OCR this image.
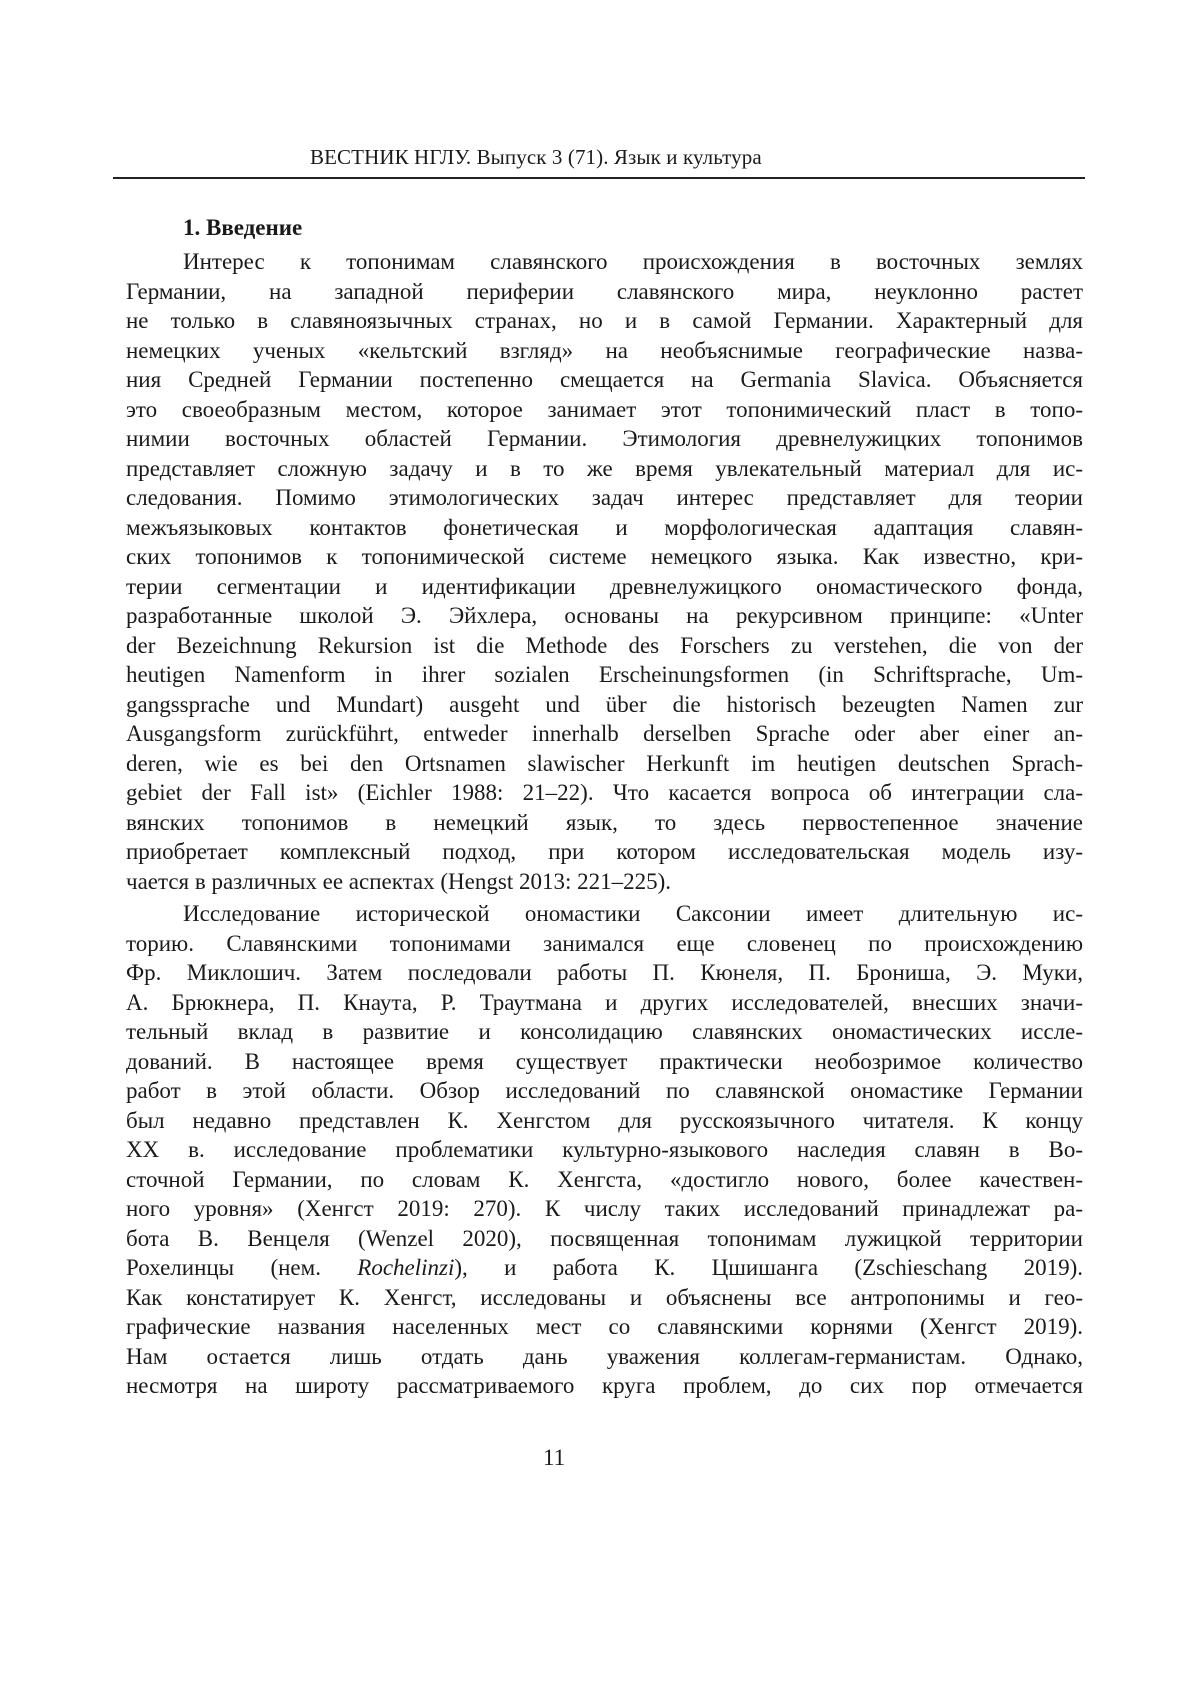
ВЕСТНИК НГЛУ. Выпуск 3 (71). Язык и культура
1. Введение
Интерес к топонимам славянского происхождения в восточных землях
Германии, на западной периферии славянского мира, неуклонно растет
не только в славяноязычных странах, но и в самой Германии. Характерный для
немецких ученых «кельтский взгляд» на необъяснимые географические назва-
ния Средней Германии постепенно смещается на Germania Slavica. Объясняется
это своеобразным местом, которое занимает этот топонимический пласт в топо-
нимии восточных областей Германии. Этимология древнелужицких топонимов
представляет сложную задачу и в то же время увлекательный материал для ис-
следования. Помимо этимологических задач интерес представляет для теории
межъязыковых контактов фонетическая и морфологическая адаптация славян-
ских топонимов к топонимической системе немецкого языка. Как известно, кри-
терии сегментации и идентификации древнелужицкого ономастического фонда,
разработанные школой Э. Эйхлера, основаны на рекурсивном принципе: «Unter
der Bezeichnung Rekursion ist die Methode des Forschers zu verstehen, die von der
heutigen Namenform in ihrer sozialen Erscheinungsformen (in Schriftsprache, Um-
gangssprache und Mundart) ausgeht und über die historisch bezeugten Namen zur
Ausgangsform zurückführt, entweder innerhalb derselben Sprache oder aber einer an-
deren, wie es bei den Ortsnamen slawischer Herkunft im heutigen deutschen Sprach-
gebiet der Fall ist» (Eichler 1988: 21–22). Что касается вопроса об интеграции сла-
вянских топонимов в немецкий язык, то здесь первостепенное значение
приобретает комплексный подход, при котором исследовательская модель изу-
чается в различных ее аспектах (Hengst 2013: 221–225).
Исследование исторической ономастики Саксонии имеет длительную ис-
торию. Славянскими топонимами занимался еще словенец по происхождению
Фр. Миклошич. Затем последовали работы П. Кюнеля, П. Брониша, Э. Муки,
А. Брюкнера, П. Кнаута, Р. Траутмана и других исследователей, внесших значи-
тельный вклад в развитие и консолидацию славянских ономастических иссле-
дований. В настоящее время существует практически необозримое количество
работ в этой области. Обзор исследований по славянской ономастике Германии
был недавно представлен К. Хенгстом для русскоязычного читателя. К концу
XX в. исследование проблематики культурно-языкового наследия славян в Во-
сточной Германии, по словам К. Хенгста, «достигло нового, более качествен-
ного уровня» (Хенгст 2019: 270). К числу таких исследований принадлежат ра-
бота В. Венцеля (Wenzel 2020), посвященная топонимам лужицкой территории
Рохелинцы (нем. Rochelinzi), и работа К. Цшишанга (Zschieschang 2019).
Как констатирует К. Хенгст, исследованы и объяснены все антропонимы и гео-
графические названия населенных мест со славянскими корнями (Хенгст 2019).
Нам остается лишь отдать дань уважения коллегам-германистам. Однако,
несмотря на широту рассматриваемого круга проблем, до сих пор отмечается
11
